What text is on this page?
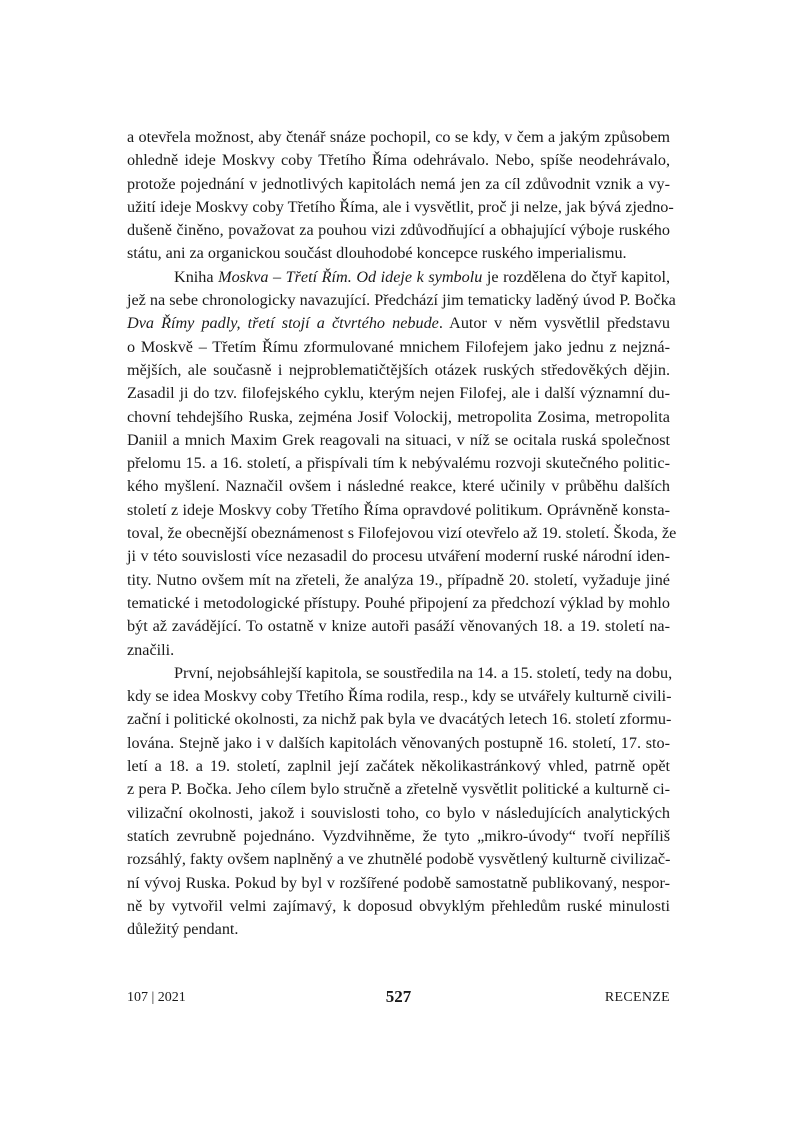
a otevřela možnost, aby čtenář snáze pochopil, co se kdy, v čem a jakým způsobem
ohledně ideje Moskvy coby Třetího Říma odehrávalo. Nebo, spíše neodehrávalo,
protože pojednání v jednotlivých kapitolách nemá jen za cíl zdůvodnit vznik a vy-
užití ideje Moskvy coby Třetího Říma, ale i vysvětlit, proč ji nelze, jak bývá zjedno-
dušeně činěno, považovat za pouhou vizi zdůvodňující a obhajující výboje ruského
státu, ani za organickou součást dlouhodobé koncepce ruského imperialismu.

Kniha Moskva – Třetí Řím. Od ideje k symbolu je rozdělena do čtyř kapitol,
jež na sebe chronologicky navazující. Předchází jim tematicky laděný úvod P. Bočka
Dva Římy padly, třetí stojí a čtvrtého nebude. Autor v něm vysvětlil představu
o Moskvě – Třetím Římu zformulované mnichem Filofejem jako jednu z nejzná-
mějších, ale současně i nejproblematičtějších otázek ruských středověkých dějin.
Zasadil ji do tzv. filofejského cyklu, kterým nejen Filofej, ale i další významní du-
chovní tehdejšího Ruska, zejména Josif Volockij, metropolita Zosima, metropolita
Daniil a mnich Maxim Grek reagovali na situaci, v níž se ocitala ruská společnost
přelomu 15. a 16. století, a přispívali tím k nebývalému rozvoji skutečného politic-
kého myšlení. Naznačil ovšem i následné reakce, které učinily v průběhu dalších
století z ideje Moskvy coby Třetího Říma opravdové politikum. Oprávněně konsta-
toval, že obecnější obeznámenost s Filofejovou vizí otevřelo až 19. století. Škoda, že
ji v této souvislosti více nezasadil do procesu utváření moderní ruské národní iden-
tity. Nutno ovšem mít na zřeteli, že analýza 19., případně 20. století, vyžaduje jiné
tematické i metodologické přístupy. Pouhé připojení za předchozí výklad by mohlo
být až zavádějící. To ostatně v knize autoři pasáží věnovaných 18. a 19. století na-
značili.

První, nejobsáhlejší kapitola, se soustředila na 14. a 15. století, tedy na dobu,
kdy se idea Moskvy coby Třetího Říma rodila, resp., kdy se utvářely kulturně civili-
zační i politické okolnosti, za nichž pak byla ve dvacátých letech 16. století zformu-
lována. Stejně jako i v dalších kapitolách věnovaných postupně 16. století, 17. sto-
letí a 18. a 19. století, zaplnil její začátek několikastránkový vhled, patrně opět
z pera P. Bočka. Jeho cílem bylo stručně a zřetelně vysvětlit politické a kulturně ci-
vilizační okolnosti, jakož i souvislosti toho, co bylo v následujících analytických
statích zevrubně pojednáno. Vyzdvihněme, že tyto „mikro-úvody“ tvoří nepříliš
rozsáhlý, fakty ovšem naplněný a ve zhutnělé podobě vysvětlený kulturně civilizač-
ní vývoj Ruska. Pokud by byl v rozšířené podobě samostatně publikovaný, nespor-
ně by vytvořil velmi zajímavý, k doposud obvyklým přehledům ruské minulosti
důležitý pendant.

107 | 2021	527	RECENZE
